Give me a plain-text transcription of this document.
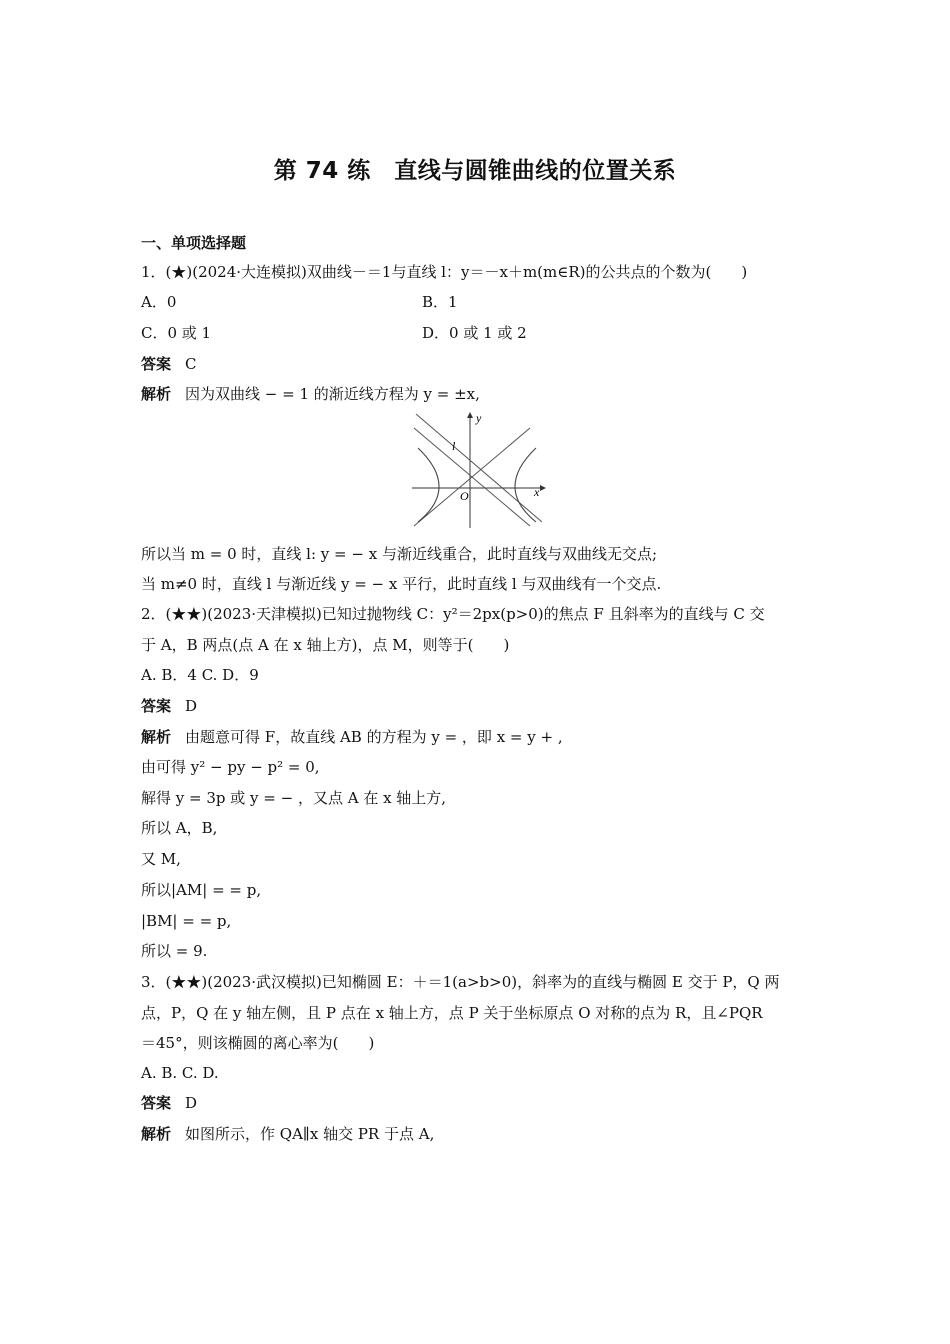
第 74 练　直线与圆锥曲线的位置关系
一、单项选择题
1．(★)(2024·大连模拟)双曲线－＝1与直线 l：y＝－x＋m(m∈R)的公共点的个数为(　　)
A．0	B．1
C．0 或 1	D．0 或 1 或 2
答案 C
解析 因为双曲线 − = 1 的渐近线方程为 y = ±x,
y
l
O	x
所以当 m = 0 时，直线 l: y = − x 与渐近线重合，此时直线与双曲线无交点;
当 m≠0 时，直线 l 与渐近线 y = − x 平行，此时直线 l 与双曲线有一个交点.
2．(★★)(2023·天津模拟)已知过抛物线 C：y²＝2px(p>0)的焦点 F 且斜率为的直线与 C 交
于 A，B 两点(点 A 在 x 轴上方)，点 M，则等于(　　)
A. B．4 C. D．9
答案 D
解析 由题意可得 F，故直线 AB 的方程为 y = ，即 x = y + ,
由可得 y² − py − p² = 0,
解得 y = 3p 或 y = − ，又点 A 在 x 轴上方,
所以 A，B,
又 M,
所以|AM| = = p,
|BM| = = p,
所以 = 9.
3．(★★)(2023·武汉模拟)已知椭圆 E：＋＝1(a>b>0)，斜率为的直线与椭圆 E 交于 P，Q 两
点，P，Q 在 y 轴左侧，且 P 点在 x 轴上方，点 P 关于坐标原点 O 对称的点为 R，且∠PQR
＝45°，则该椭圆的离心率为(　　)
A. B. C. D.
答案 D
解析 如图所示，作 QA∥x 轴交 PR 于点 A,
